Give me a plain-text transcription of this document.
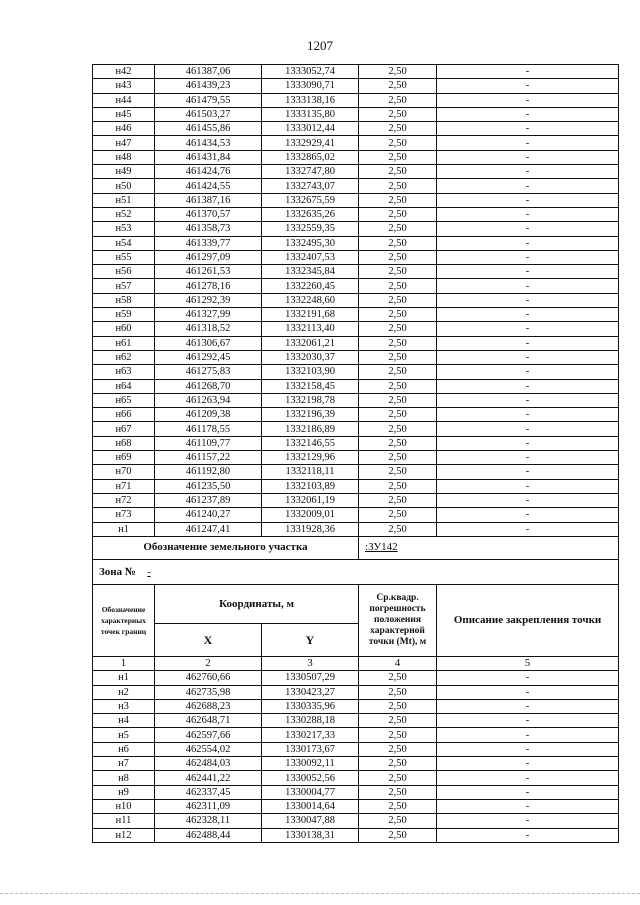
1207
н42	461387,06	1333052,74	2,50	-
н43	461439,23	1333090,71	2,50	-
н44	461479,55	1333138,16	2,50	-
н45	461503,27	1333135,80	2,50	-
н46	461455,86	1333012,44	2,50	-
н47	461434,53	1332929,41	2,50	-
н48	461431,84	1332865,02	2,50	-
н49	461424,76	1332747,80	2,50	-
н50	461424,55	1332743,07	2,50	-
н51	461387,16	1332675,59	2,50	-
н52	461370,57	1332635,26	2,50	-
н53	461358,73	1332559,35	2,50	-
н54	461339,77	1332495,30	2,50	-
н55	461297,09	1332407,53	2,50	-
н56	461261,53	1332345,84	2,50	-
н57	461278,16	1332260,45	2,50	-
н58	461292,39	1332248,60	2,50	-
н59	461327,99	1332191,68	2,50	-
н60	461318,52	1332113,40	2,50	-
н61	461306,67	1332061,21	2,50	-
н62	461292,45	1332030,37	2,50	-
н63	461275,83	1332103,90	2,50	-
н64	461268,70	1332158,45	2,50	-
н65	461263,94	1332198,78	2,50	-
н66	461209,38	1332196,39	2,50	-
н67	461178,55	1332186,89	2,50	-
н68	461109,77	1332146,55	2,50	-
н69	461157,22	1332129,96	2,50	-
н70	461192,80	1332118,11	2,50	-
н71	461235,50	1332103,89	2,50	-
н72	461237,89	1332061,19	2,50	-
н73	461240,27	1332009,01	2,50	-
н1	461247,41	1331928,36	2,50	-
Обозначение земельного участка			:ЗУ142	
Зона № -				
Обозначение характерных точек границ	Координаты, м		Ср.квадр. погрешность положения характерной точки (Mt), м	Описание закрепления точки
	X	Y		
1	2	3	4	5
н1	462760,66	1330507,29	2,50	-
н2	462735,98	1330423,27	2,50	-
н3	462688,23	1330335,96	2,50	-
н4	462648,71	1330288,18	2,50	-
н5	462597,66	1330217,33	2,50	-
н6	462554,02	1330173,67	2,50	-
н7	462484,03	1330092,11	2,50	-
н8	462441,22	1330052,56	2,50	-
н9	462337,45	1330004,77	2,50	-
н10	462311,09	1330014,64	2,50	-
н11	462328,11	1330047,88	2,50	-
н12	462488,44	1330138,31	2,50	-
